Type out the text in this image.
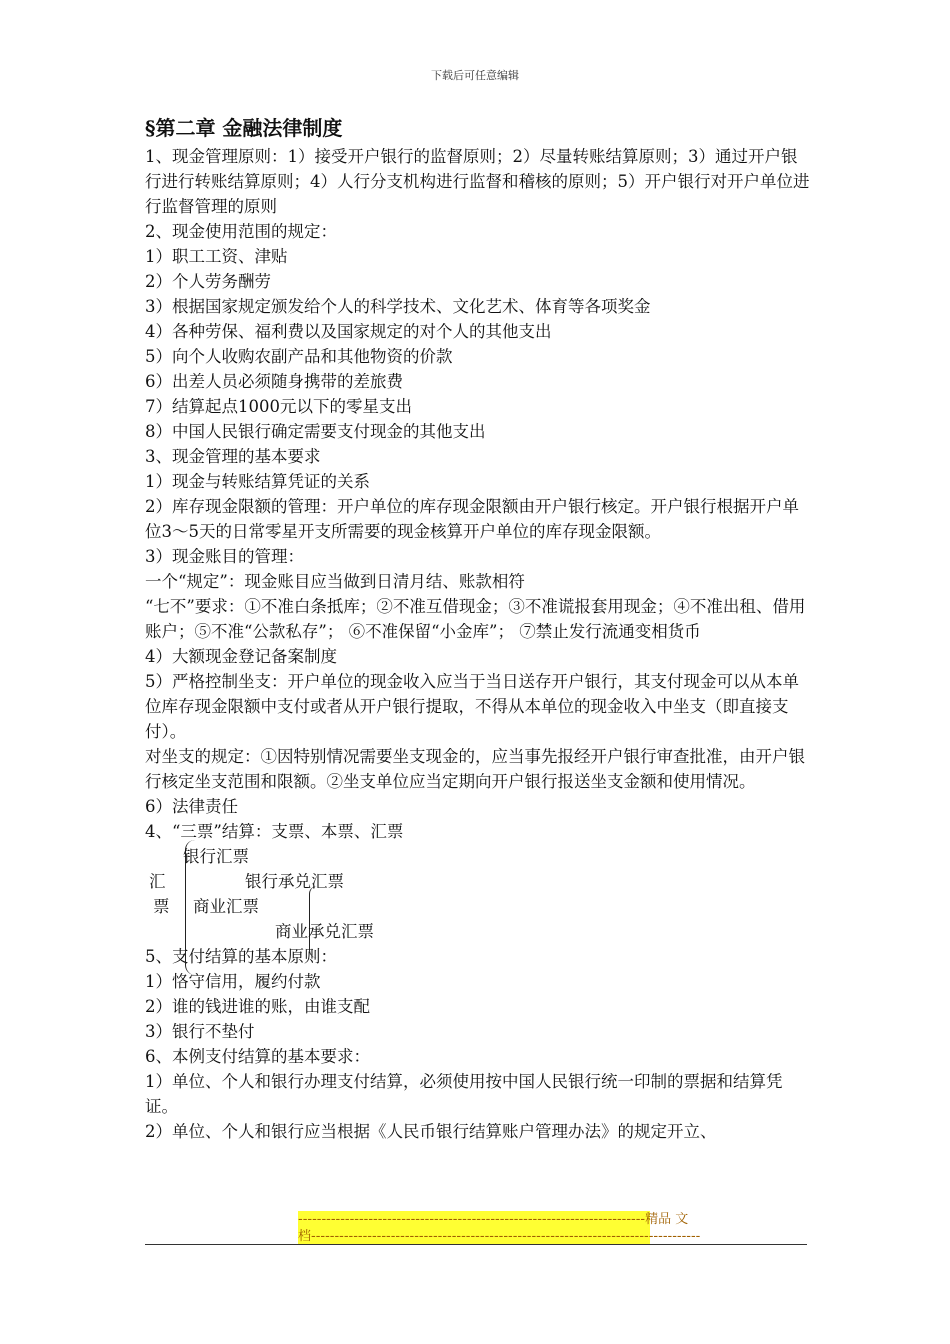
下载后可任意编辑
§第二章 金融法律制度

1、现金管理原则：1）接受开户银行的监督原则；2）尽量转账结算原则；3）通过开户银行进行转账结算原则；4）人行分支机构进行监督和稽核的原则；5）开户银行对开户单位进行监督管理的原则

2、现金使用范围的规定：

1）职工工资、津贴

2）个人劳务酬劳

3）根据国家规定颁发给个人的科学技术、文化艺术、体育等各项奖金

4）各种劳保、福利费以及国家规定的对个人的其他支出

5）向个人收购农副产品和其他物资的价款

6）出差人员必须随身携带的差旅费

7）结算起点1000元以下的零星支出

8）中国人民银行确定需要支付现金的其他支出

3、现金管理的基本要求

1）现金与转账结算凭证的关系

2）库存现金限额的管理：开户单位的库存现金限额由开户银行核定。开户银行根据开户单位3～5天的日常零星开支所需要的现金核算开户单位的库存现金限额。

3）现金账目的管理：

一个“规定”：现金账目应当做到日清月结、账款相符

“七不”要求：①不准白条抵库；②不准互借现金；③不准谎报套用现金；④不准出租、借用账户；⑤不准“公款私存”； ⑥不准保留“小金库”； ⑦禁止发行流通变相货币

4）大额现金登记备案制度

5）严格控制坐支：开户单位的现金收入应当于当日送存开户银行，其支付现金可以从本单位库存现金限额中支付或者从开户银行提取，不得从本单位的现金收入中坐支（即直接支付）。

对坐支的规定：①因特别情况需要坐支现金的，应当事先报经开户银行审查批准，由开户银行核定坐支范围和限额。②坐支单位应当定期向开户银行报送坐支金额和使用情况。

6）法律责任

4、“三票”结算：支票、本票、汇票

银行汇票
汇	银行承兑汇票
票 商业汇票
商业承兑汇票

5、支付结算的基本原则：

1）恪守信用，履约付款

2）谁的钱进谁的账，由谁支配

3）银行不垫付

6、本例支付结算的基本要求：

1）单位、个人和银行办理支付结算，必须使用按中国人民银行统一印制的票据和结算凭证。

2）单位、个人和银行应当根据《人民币银行结算账户管理办法》的规定开立、

--------------------------------------------------------------------------精品 文
档-----------------------------------------------------------------------------------
